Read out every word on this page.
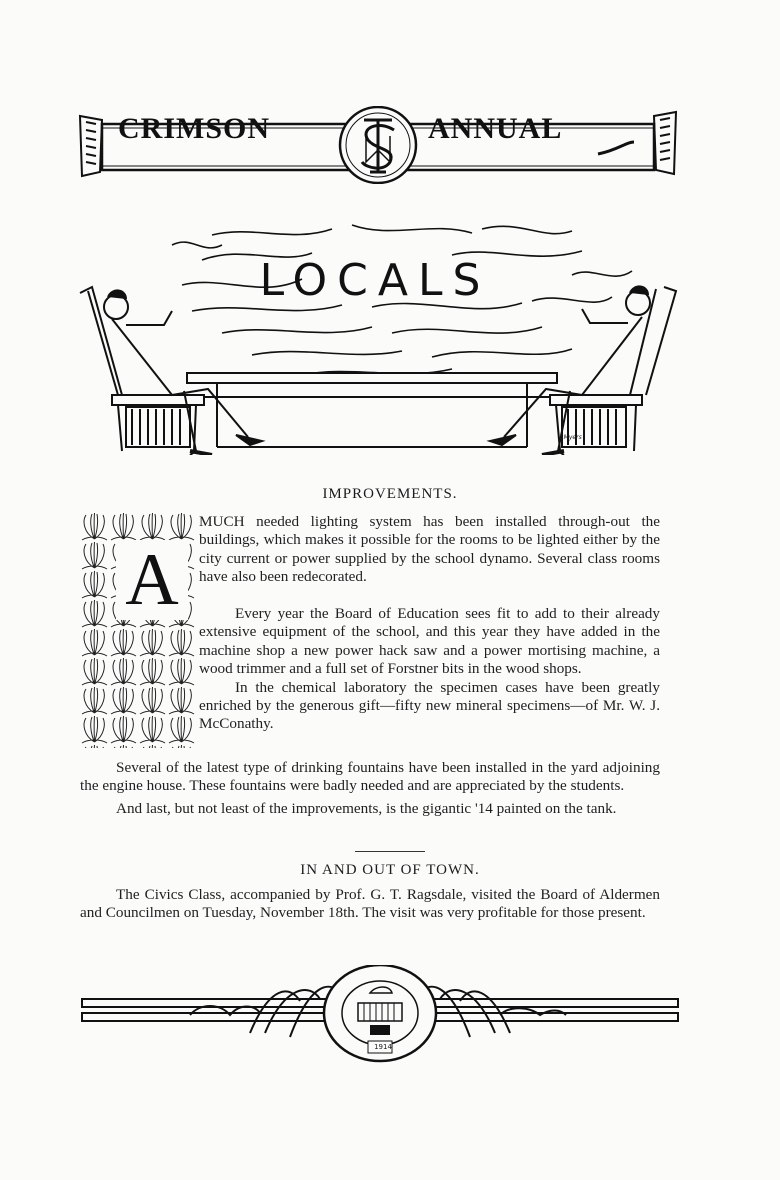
CRIMSON	ANNUAL
LOCALS
J.Myers
IMPROVEMENTS.
A

MUCH needed lighting system has been installed through-out the buildings, which makes it possible for the rooms to be lighted either by the city current or power supplied by the school dynamo. Several class rooms have also been redecorated.

Every year the Board of Education sees fit to add to their already extensive equipment of the school, and this year they have added in the machine shop a new power hack saw and a power mortising machine, a wood trimmer and a full set of Forstner bits in the wood shops.

In the chemical laboratory the specimen cases have been greatly enriched by the generous gift—fifty new mineral specimens—of Mr. W. J. McConathy.

Several of the latest type of drinking fountains have been installed in the yard adjoining the engine house. These fountains were badly needed and are appreciated by the students.

And last, but not least of the improvements, is the gigantic '14 painted on the tank.

IN AND OUT OF TOWN.

The Civics Class, accompanied by Prof. G. T. Ragsdale, visited the Board of Aldermen and Councilmen on Tuesday, November 18th. The visit was very profitable for those present.

1914
